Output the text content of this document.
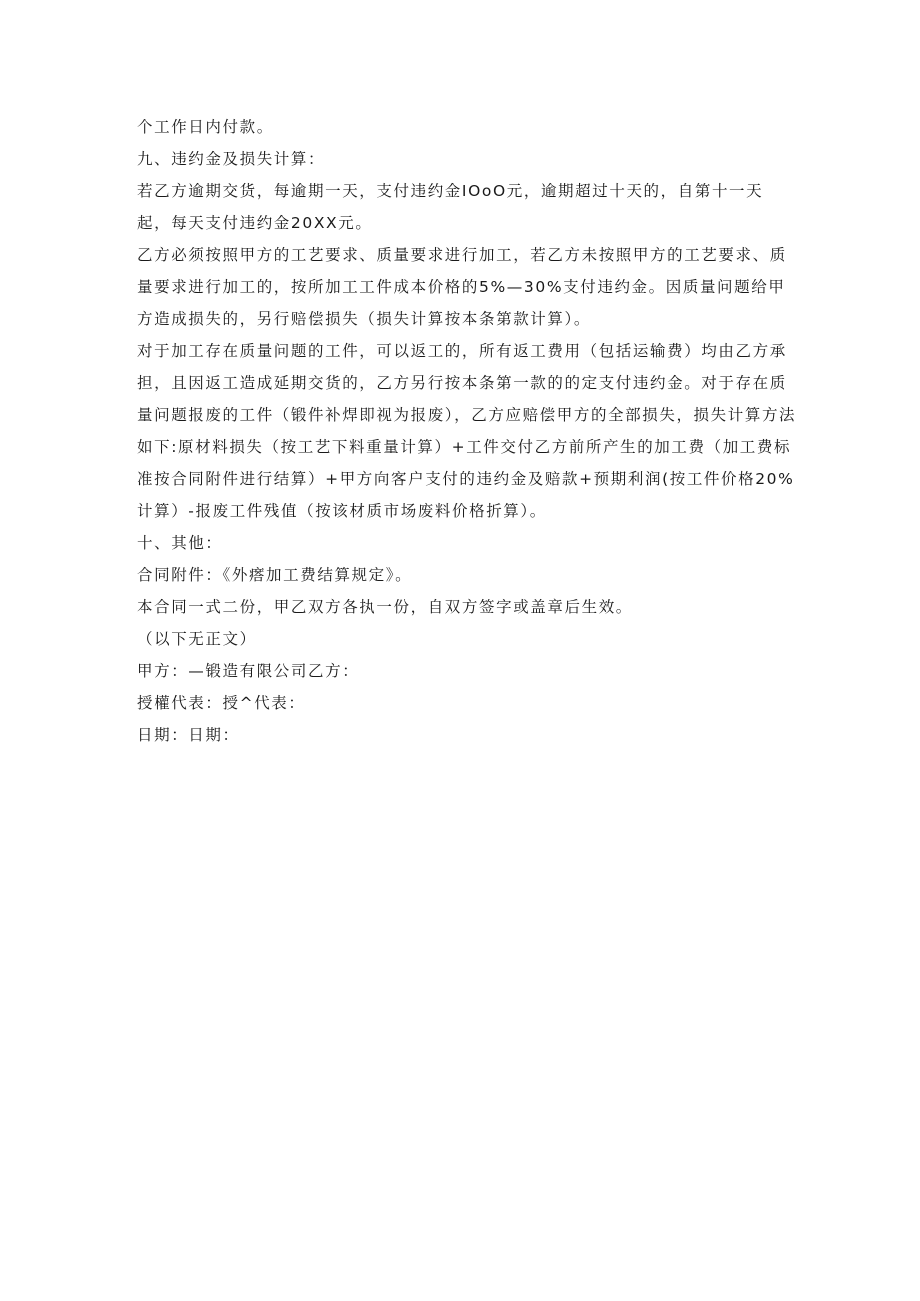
个工作日内付款。

九、违约金及损失计算：

若乙方逾期交货，每逾期一天，支付违约金IOoO元，逾期超过十天的，自第十一天起，每天支付违约金20XX元。

乙方必须按照甲方的工艺要求、质量要求进行加工，若乙方未按照甲方的工艺要求、质量要求进行加工的，按所加工工件成本价格的5%—30%支付违约金。因质量问题给甲方造成损失的，另行赔偿损失（损失计算按本条第款计算）。

对于加工存在质量问题的工件，可以返工的，所有返工费用（包括运输费）均由乙方承担，且因返工造成延期交货的，乙方另行按本条第一款的的定支付违约金。对于存在质量问题报废的工件（锻件补焊即视为报废），乙方应赔偿甲方的全部损失，损失计算方法如下:原材料损失（按工艺下料重量计算）+工件交付乙方前所产生的加工费（加工费标准按合同附件进行结算）+甲方向客户支付的违约金及赔款+预期利润(按工件价格20%计算）-报废工件残值（按该材质市场废料价格折算）。

十、其他：

合同附件：《外瘩加工费结算规定》。

本合同一式二份，甲乙双方各执一份，自双方签字或盖章后生效。

（以下无正文）

甲方：—锻造有限公司乙方：

授權代表：授^代表：

日期：日期：
